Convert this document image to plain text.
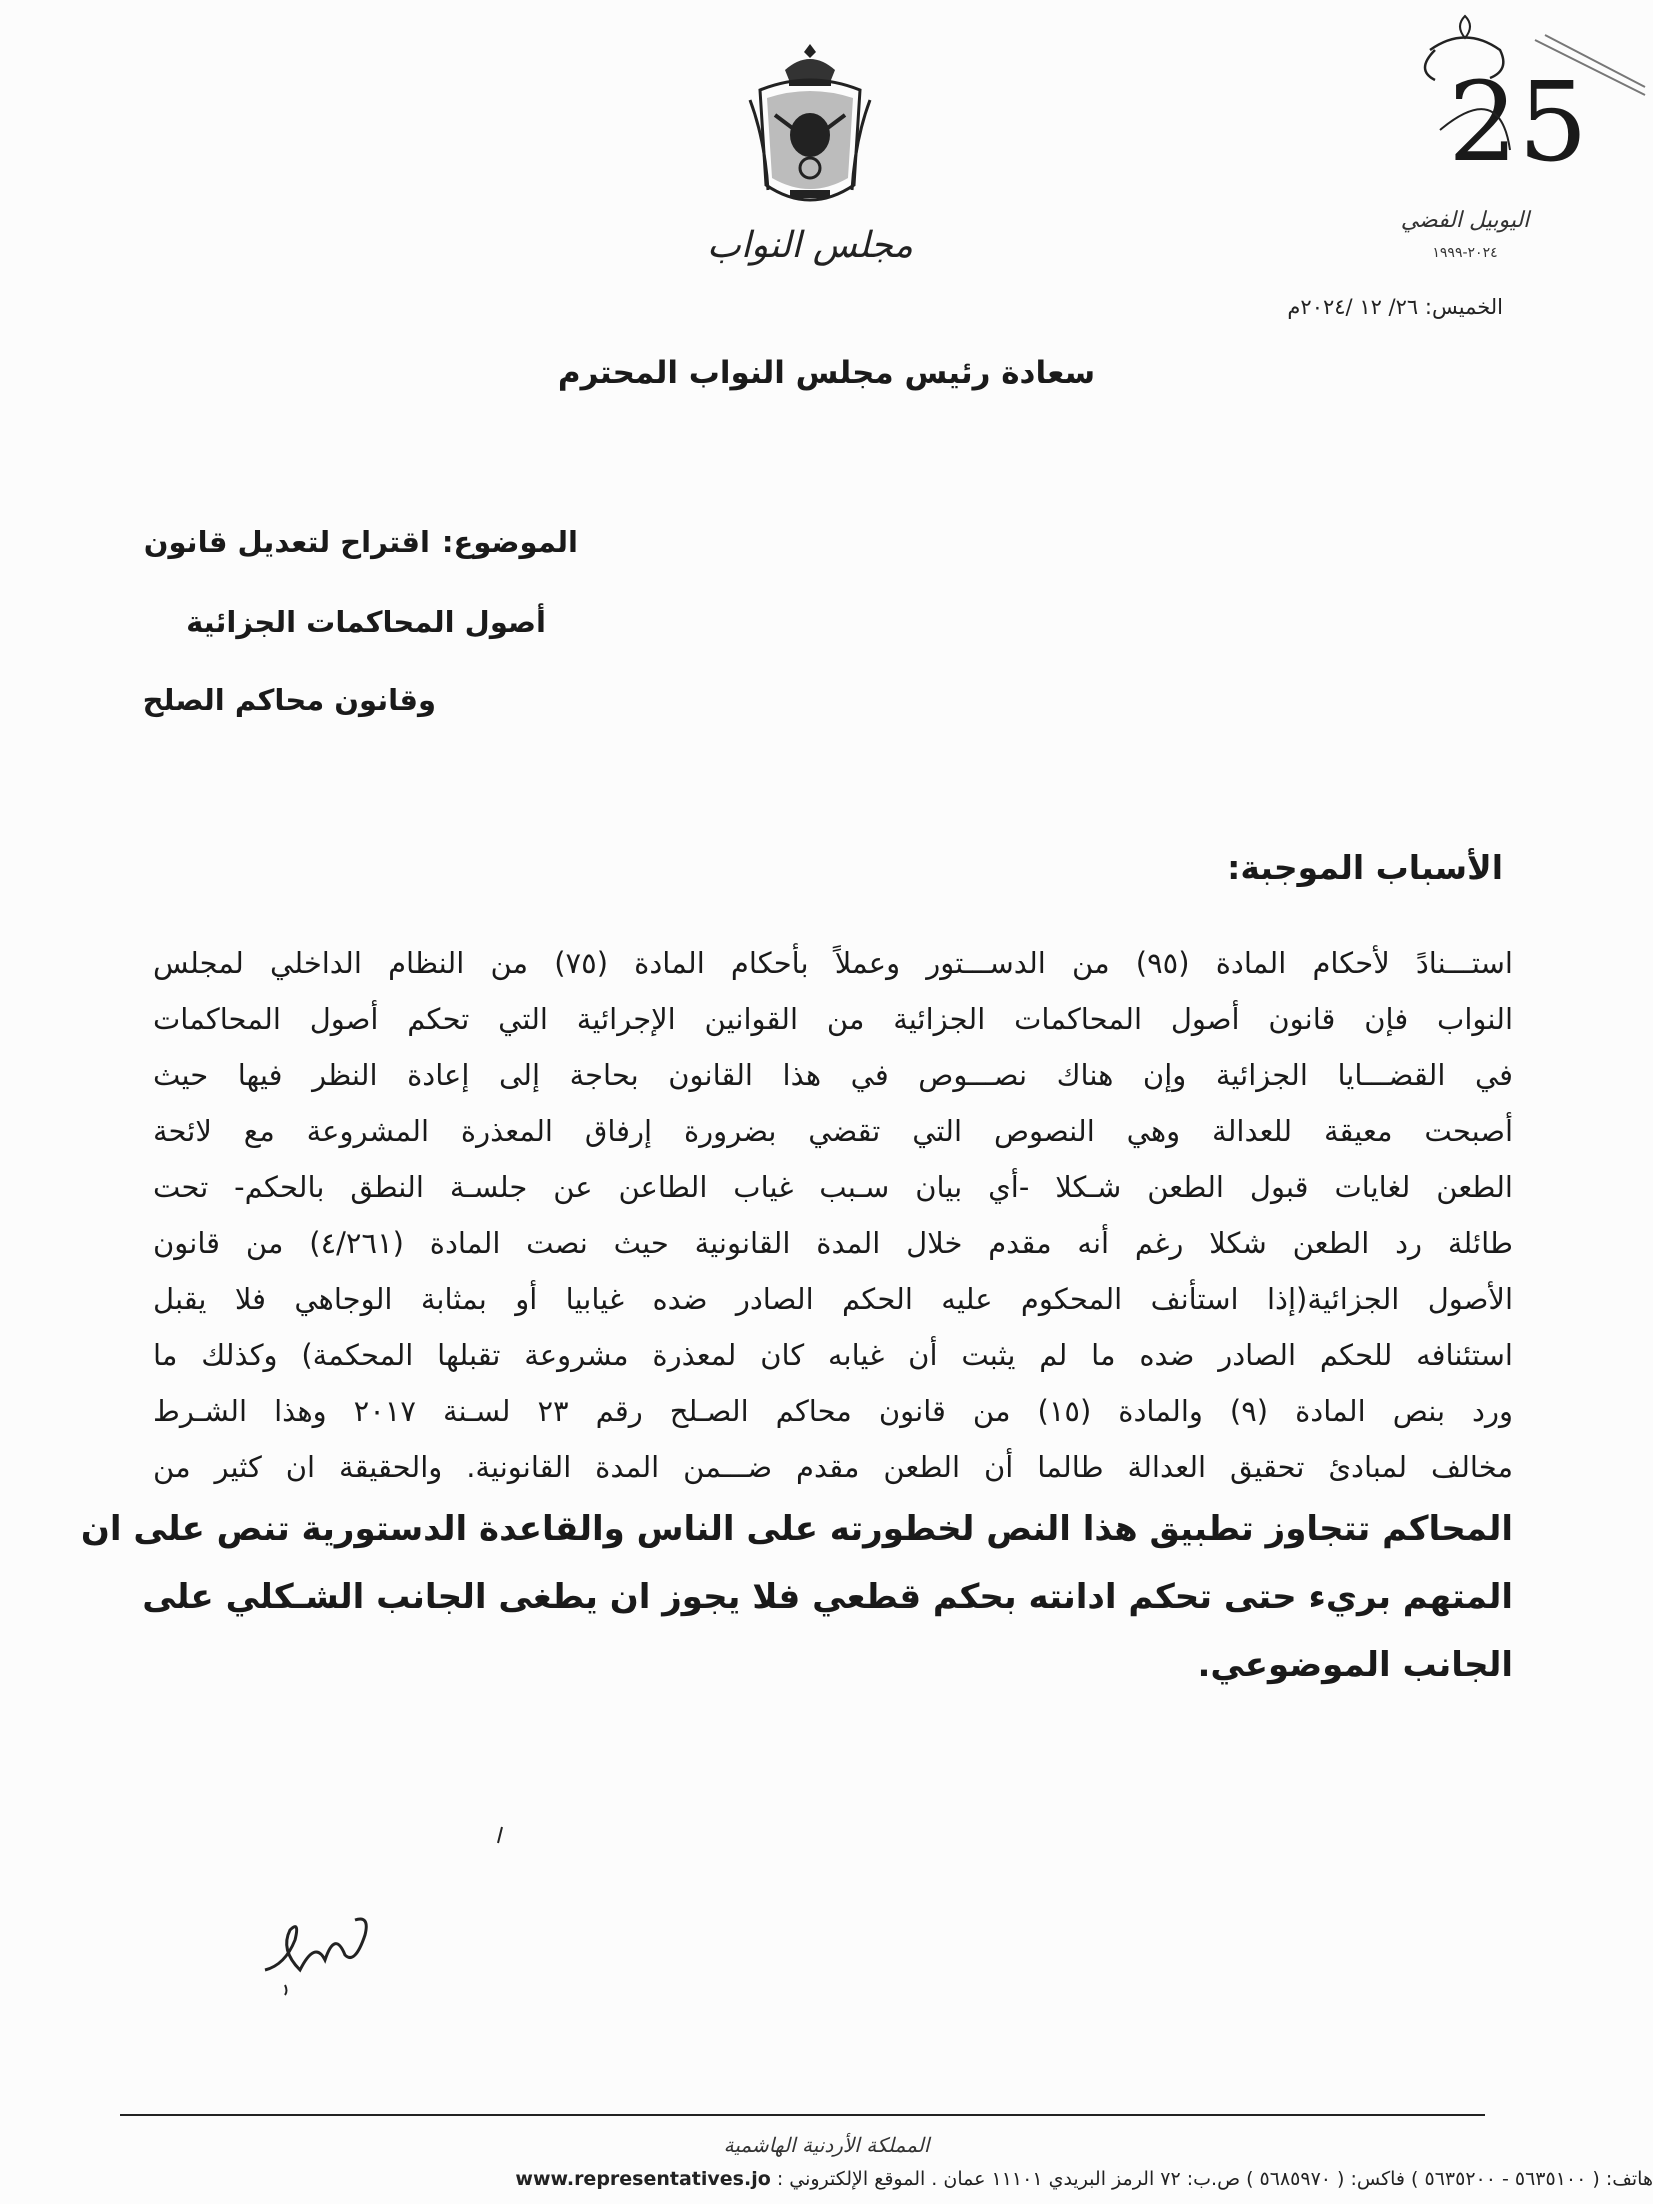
مجلس النواب
25
اليوبيل الفضي
٢٠٢٤-١٩٩٩
الخميس: ٢٦/ ١٢ /٢٠٢٤م
سعادة رئيس مجلس النواب المحترم
الموضوع:اقتراح لتعديل قانون
أصول المحاكمات الجزائية
وقانون محاكم الصلح
الأسباب الموجبة:
استـــنادً لأحكام المادة (٩٥) من الدســـتور وعملاً بأحكام المادة (٧٥) من النظام الداخلي لمجلس
النواب فإن قانون أصول المحاكمات الجزائية من القوانين الإجرائية التي تحكم أصول المحاكمات
في القضـــايا الجزائية وإن هناك نصـــوص في هذا القانون بحاجة إلى إعادة النظر فيها حيث
أصبحت معيقة للعدالة وهي النصوص التي تقضي بضرورة إرفاق المعذرة المشروعة مع لائحة
الطعن لغايات قبول الطعن شـكلا -أي بيان سـبب غياب الطاعن عن جلسـة النطق بالحكم- تحت
طائلة رد الطعن شكلا رغم أنه مقدم خلال المدة القانونية حيث نصت المادة (٤/٢٦١) من قانون
الأصول الجزائية(إذا استأنف المحكوم عليه الحكم الصادر ضده غيابيا أو بمثابة الوجاهي فلا يقبل
استئنافه للحكم الصادر ضده ما لم يثبت أن غيابه كان لمعذرة مشروعة تقبلها المحكمة) وكذلك ما
ورد بنص المادة (٩) والمادة (١٥) من قانون محاكم الصـلح رقم ٢٣ لسـنة ٢٠١٧ وهذا الشـرط
مخالف لمبادئ تحقيق العدالة طالما أن الطعن مقدم ضـــمن المدة القانونية. والحقيقة ان كثير من
المحاكم تتجاوز تطبيق هذا النص لخطورته على الناس والقاعدة الدستورية تنص على ان
المتهم بريء حتى تحكم ادانته بحكم قطعي فلا يجوز ان يطغى الجانب الشـكلي على
الجانب الموضوعي.
المملكة الأردنية الهاشمية
هاتف: ( ٥٦٣٥١٠٠ - ٥٦٣٥٢٠٠ ) فاكس: ( ٥٦٨٥٩٧٠ ) ص.ب: ٧٢ الرمز البريدي ١١١٠١ عمان . الموقع الإلكتروني : www.representatives.jo
